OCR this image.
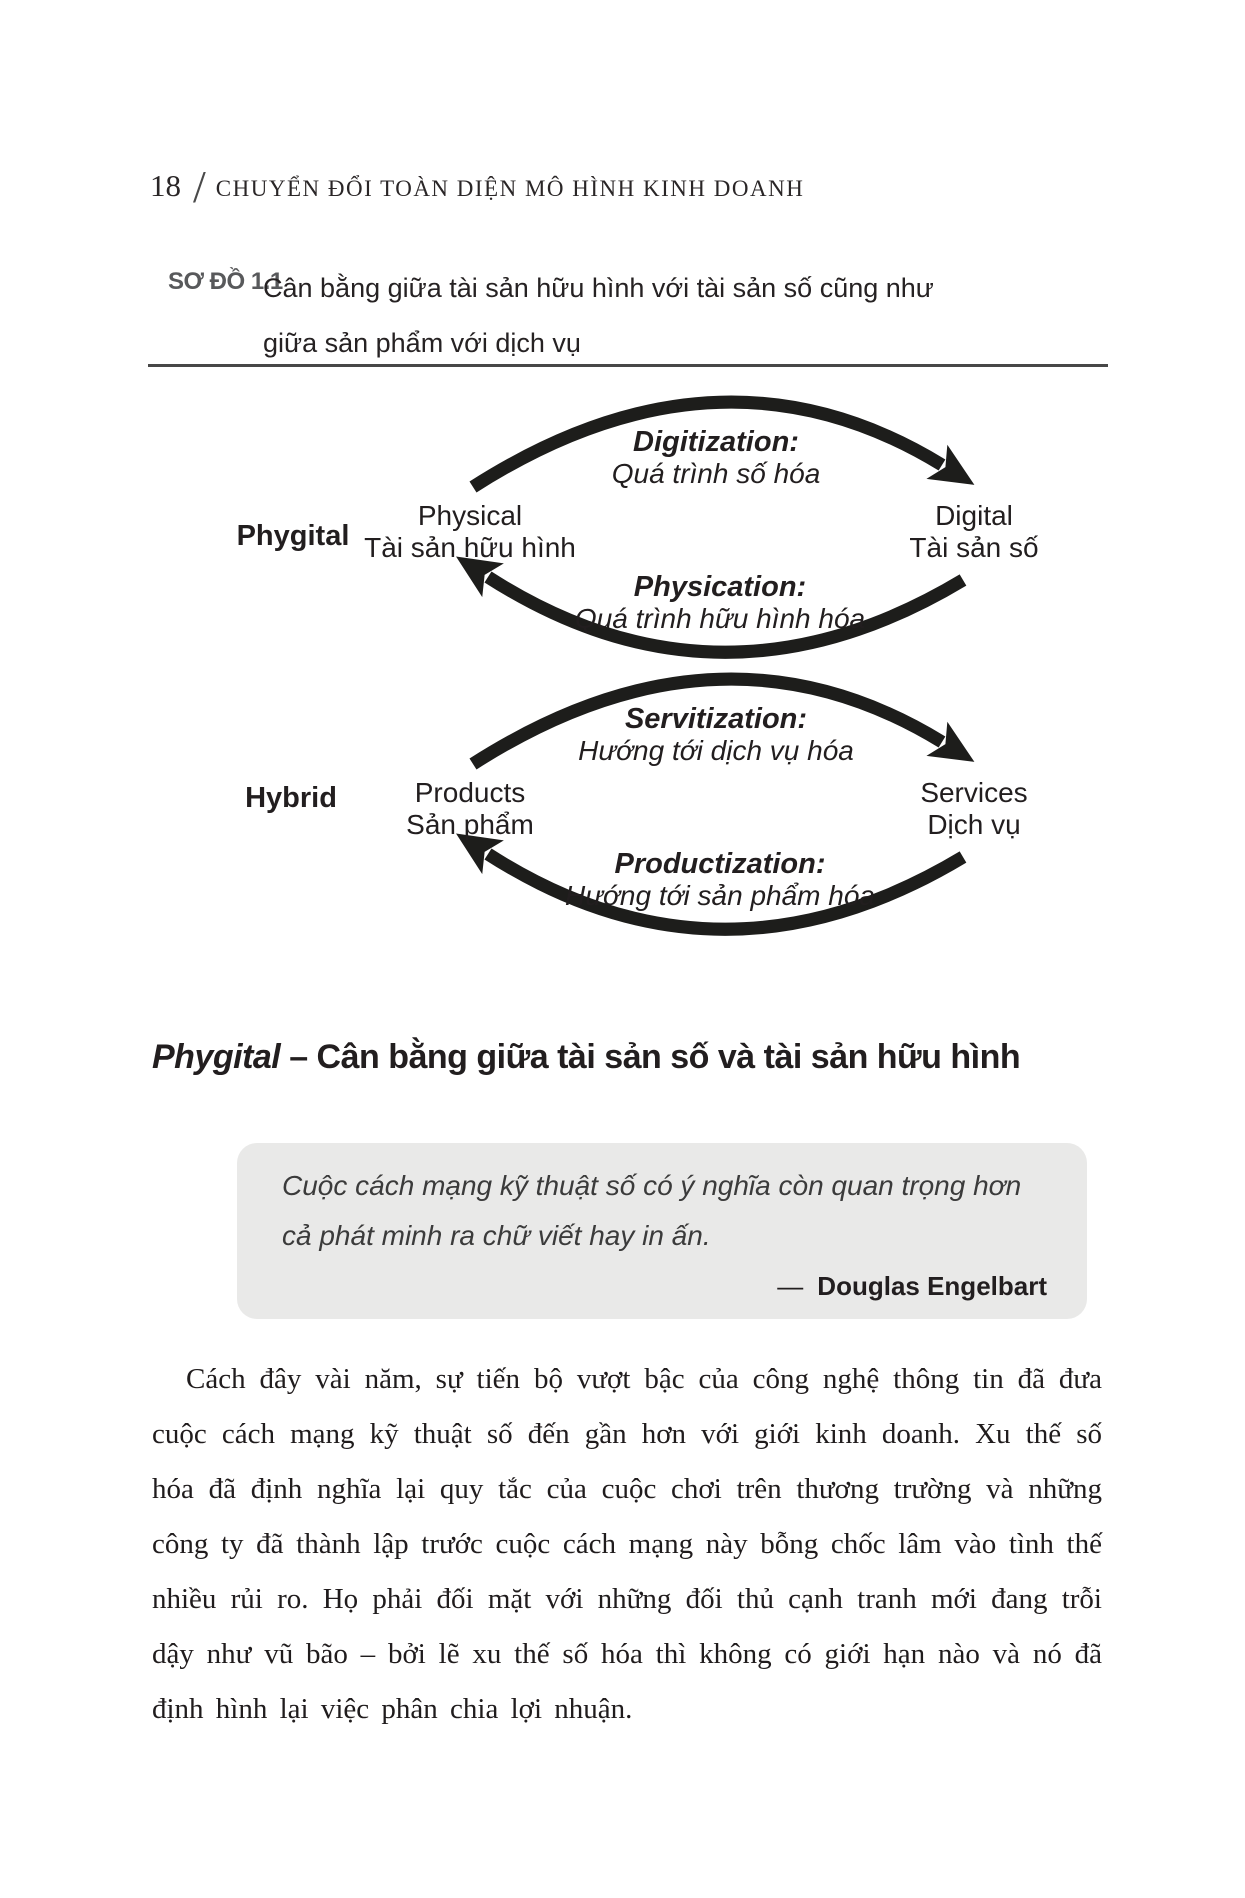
18 / CHUYỂN ĐỔI TOÀN DIỆN MÔ HÌNH KINH DOANH
SƠ ĐỒ 1.1
Cân bằng giữa tài sản hữu hình với tài sản số cũng như giữa sản phẩm với dịch vụ
Phygital
Digitization:
Quá trình số hóa
Physical
Tài sản hữu hình
Digital
Tài sản số
Physication:
Quá trình hữu hình hóa
Hybrid
Servitization:
Hướng tới dịch vụ hóa
Products
Sản phẩm
Services
Dịch vụ
Productization:
Hướng tới sản phẩm hóa
Phygital – Cân bằng giữa tài sản số và tài sản hữu hình
Cuộc cách mạng kỹ thuật số có ý nghĩa còn quan trọng hơn cả phát minh ra chữ viết hay in ấn.
— Douglas Engelbart
Cách đây vài năm, sự tiến bộ vượt bậc của công nghệ thông tin đã đưa cuộc cách mạng kỹ thuật số đến gần hơn với giới kinh doanh. Xu thế số hóa đã định nghĩa lại quy tắc của cuộc chơi trên thương trường và những công ty đã thành lập trước cuộc cách mạng này bỗng chốc lâm vào tình thế nhiều rủi ro. Họ phải đối mặt với những đối thủ cạnh tranh mới đang trỗi dậy như vũ bão – bởi lẽ xu thế số hóa thì không có giới hạn nào và nó đã định hình lại việc phân chia lợi nhuận.
